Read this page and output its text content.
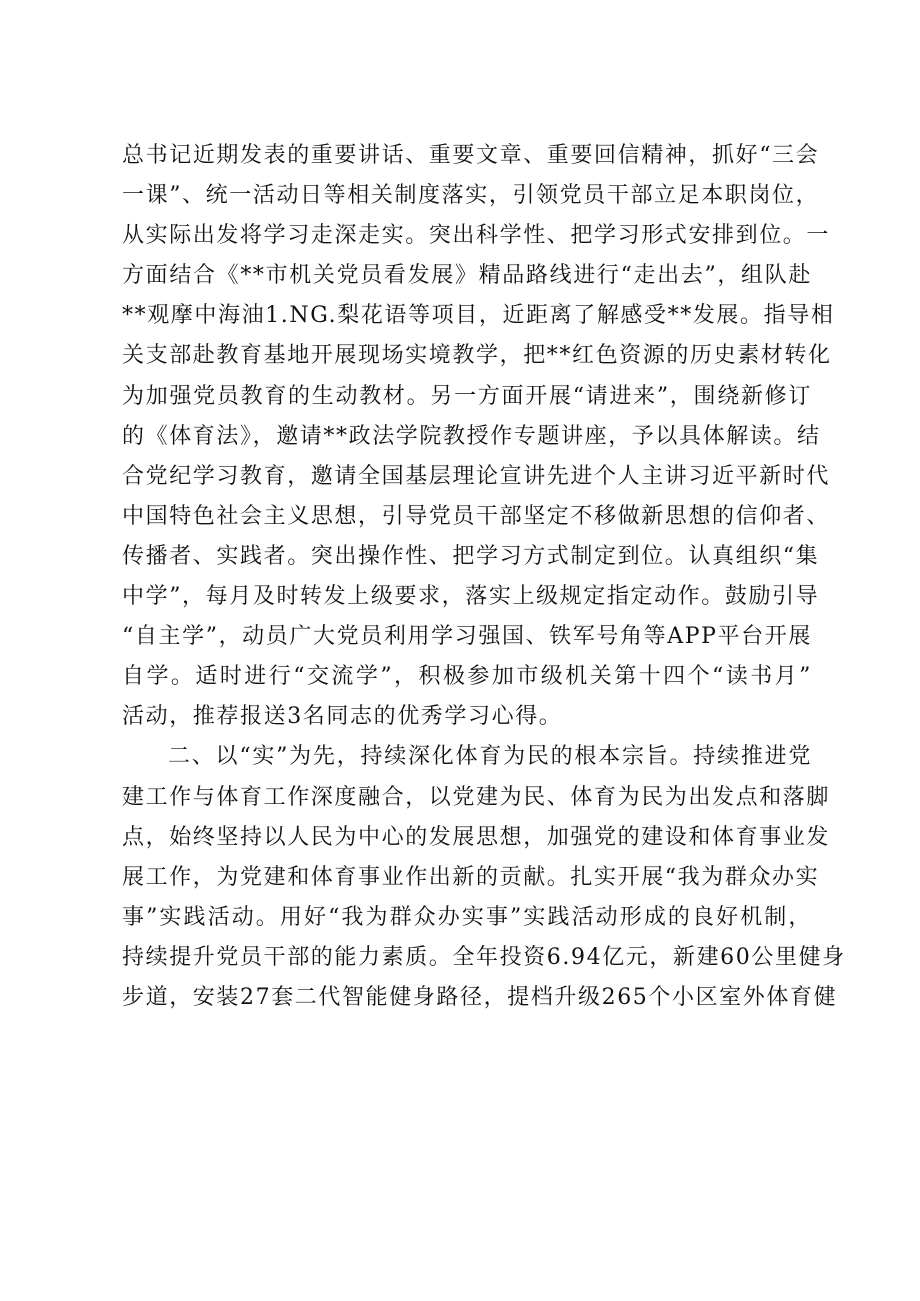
总书记近期发表的重要讲话、重要文章、重要回信精神，抓好“三会
一课”、统一活动日等相关制度落实，引领党员干部立足本职岗位，
从实际出发将学习走深走实。突出科学性、把学习形式安排到位。一
方面结合《**市机关党员看发展》精品路线进行“走出去”，组队赴
**观摩中海油1.NG.梨花语等项目，近距离了解感受**发展。指导相
关支部赴教育基地开展现场实境教学，把**红色资源的历史素材转化
为加强党员教育的生动教材。另一方面开展“请进来”，围绕新修订
的《体育法》，邀请**政法学院教授作专题讲座，予以具体解读。结
合党纪学习教育，邀请全国基层理论宣讲先进个人主讲习近平新时代
中国特色社会主义思想，引导党员干部坚定不移做新思想的信仰者、
传播者、实践者。突出操作性、把学习方式制定到位。认真组织“集
中学”，每月及时转发上级要求，落实上级规定指定动作。鼓励引导
“自主学”，动员广大党员利用学习强国、铁军号角等APP平台开展
自学。适时进行“交流学”，积极参加市级机关第十四个“读书月”
活动，推荐报送3名同志的优秀学习心得。
二、以“实”为先，持续深化体育为民的根本宗旨。持续推进党
建工作与体育工作深度融合，以党建为民、体育为民为出发点和落脚
点，始终坚持以人民为中心的发展思想，加强党的建设和体育事业发
展工作，为党建和体育事业作出新的贡献。扎实开展“我为群众办实
事”实践活动。用好“我为群众办实事”实践活动形成的良好机制，
持续提升党员干部的能力素质。全年投资6.94亿元，新建60公里健身
步道，安装27套二代智能健身路径，提档升级265个小区室外体育健
